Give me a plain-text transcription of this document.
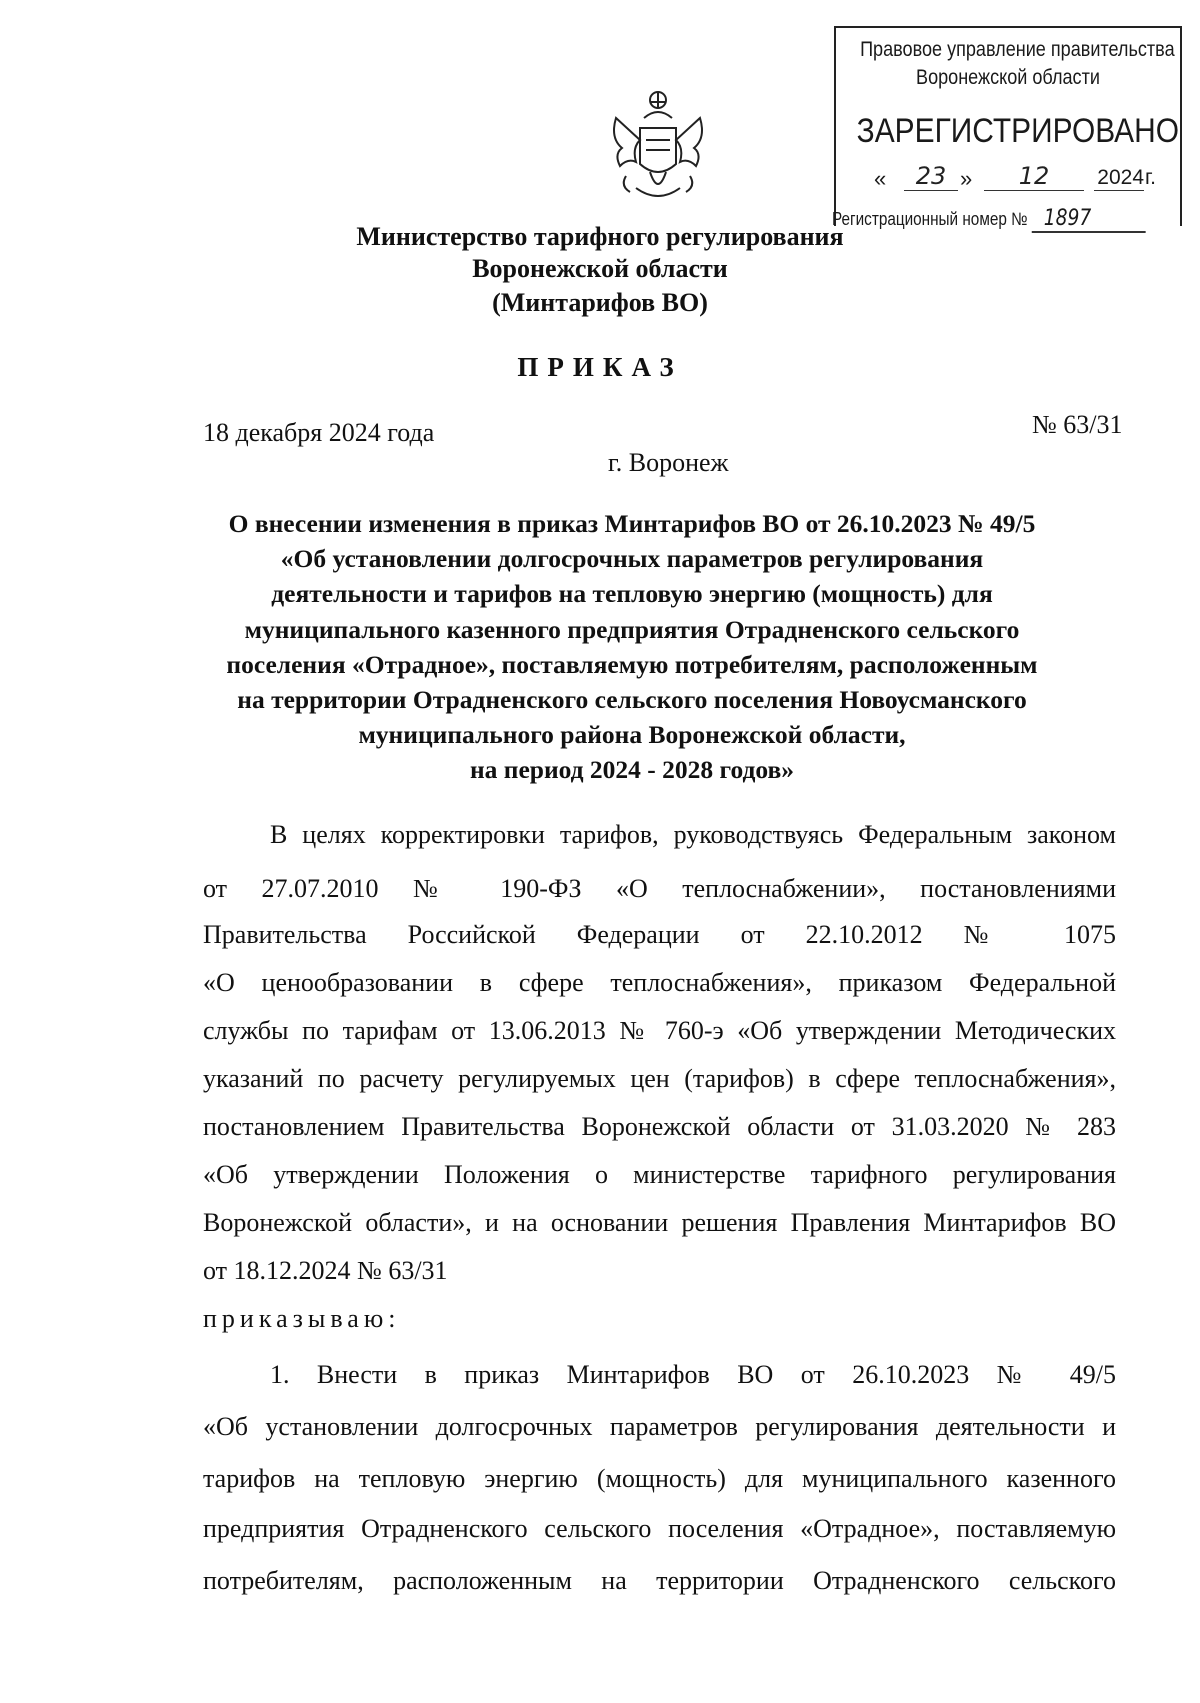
Правовое управление правительства
Воронежской области
ЗАРЕГИСТРИРОВАНО
«	23 »	12	2024 г.
Регистрационный номер № 1897
Министерство тарифного регулирования
Воронежской области
(Минтарифов ВО)
ПРИКАЗ
18 декабря 2024 года	№ 63/31
г. Воронеж
О внесении изменения в приказ Минтарифов ВО от 26.10.2023 № 49/5
«Об установлении долгосрочных параметров регулирования
деятельности и тарифов на тепловую энергию (мощность) для
муниципального казенного предприятия Отрадненского сельского
поселения «Отрадное», поставляемую потребителям, расположенным
на территории Отрадненского сельского поселения Новоусманского
муниципального района Воронежской области,
на период 2024 - 2028 годов»
В целях корректировки тарифов, руководствуясь Федеральным законом
от 27.07.2010 № 190-ФЗ «О теплоснабжении», постановлениями
Правительства Российской Федерации от 22.10.2012 № 1075
«О ценообразовании в сфере теплоснабжения», приказом Федеральной
службы по тарифам от 13.06.2013 № 760-э «Об утверждении Методических
указаний по расчету регулируемых цен (тарифов) в сфере теплоснабжения»,
постановлением Правительства Воронежской области от 31.03.2020 № 283
«Об утверждении Положения о министерстве тарифного регулирования
Воронежской области», и на основании решения Правления Минтарифов ВО
от 18.12.2024 № 63/31
приказываю:
1. Внести в приказ Минтарифов ВО от 26.10.2023 № 49/5
«Об установлении долгосрочных параметров регулирования деятельности и
тарифов на тепловую энергию (мощность) для муниципального казенного
предприятия Отрадненского сельского поселения «Отрадное», поставляемую
потребителям, расположенным на территории Отрадненского сельского
